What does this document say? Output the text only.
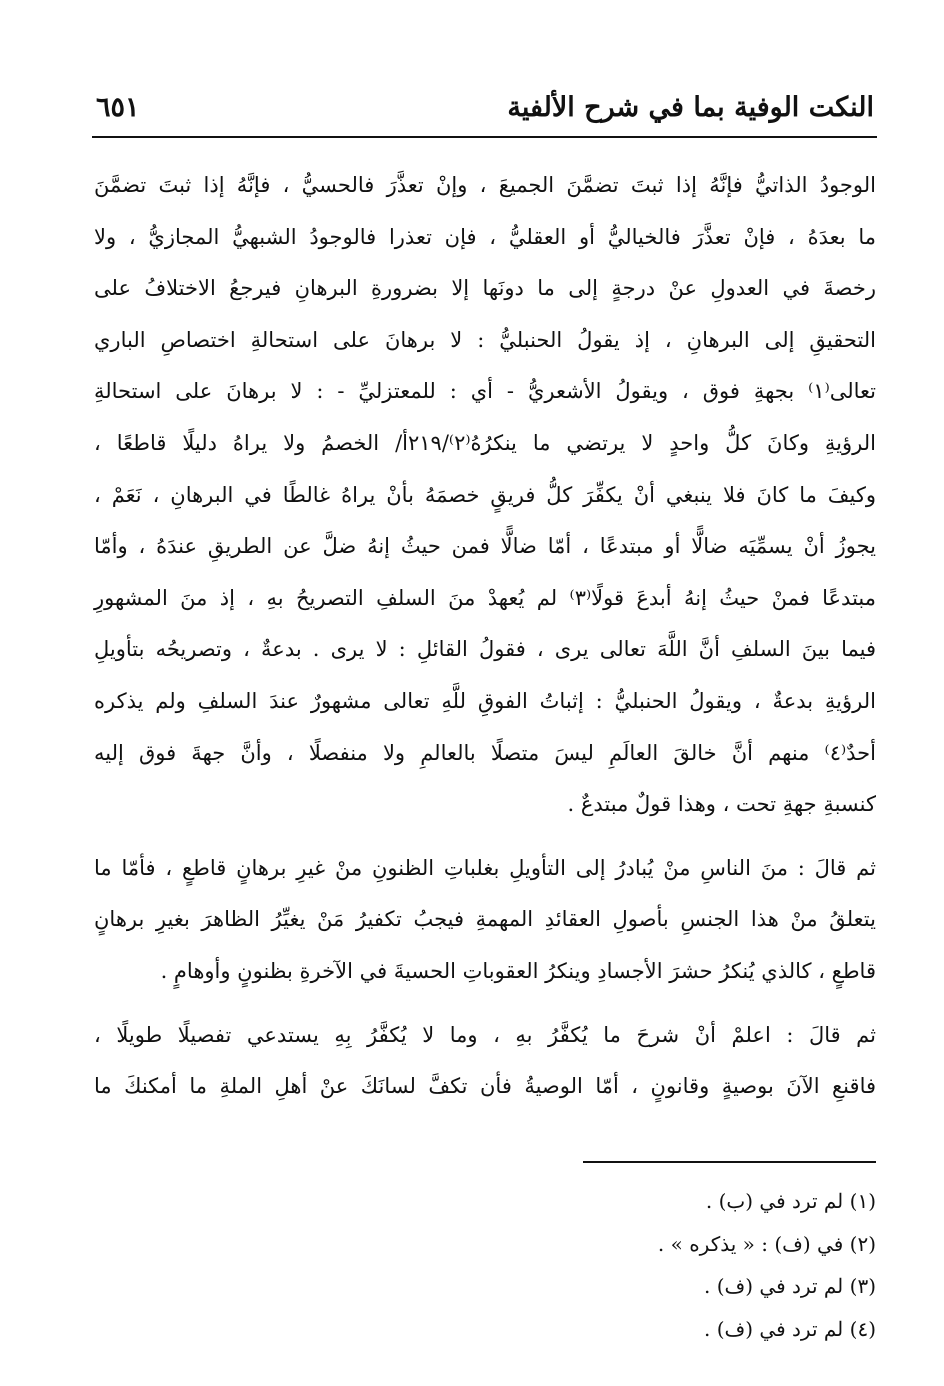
النكت الوفية بما في شرح الألفية
٦٥١
الوجودُ الذاتيُّ فإنَّهُ إذا ثبتَ تضمَّنَ الجميعَ ، وإنْ تعذَّرَ فالحسيُّ ، فإنَّهُ إذا ثبتَ تضمَّنَ
ما بعدَهُ ، فإنْ تعذَّرَ فالخياليُّ أو العقليُّ ، فإن تعذرا فالوجودُ الشبهيُّ المجازيُّ ، ولا
رخصةَ في العدولِ عنْ درجةٍ إلى ما دونَها إلا بضرورةِ البرهانِ فيرجعُ الاختلافُ على
التحقيقِ إلى البرهانِ ، إذ يقولُ الحنبليُّ : لا برهانَ على استحالةِ اختصاصِ الباري
تعالى⁽١⁾ بجهةِ فوق ، ويقولُ الأشعريُّ - أي : للمعتزليِّ - : لا برهانَ على استحالةِ
الرؤيةِ وكانَ كلُّ واحدٍ لا يرتضي ما ينكرُهُ⁽٢⁾/٢١٩أ/ الخصمُ ولا يراهُ دليلًا قاطعًا ،
وكيفَ ما كانَ فلا ينبغي أنْ يكفِّرَ كلُّ فريقٍ خصمَهُ بأنْ يراهُ غالطًا في البرهانِ ، نَعَمْ ،
يجوزُ أنْ يسمِّيَه ضالًّا أو مبتدعًا ، أمّا ضالًّا فمن حيثُ إنهُ ضلَّ عن الطريقِ عندَهُ ، وأمّا
مبتدعًا فمنْ حيثُ إنهُ أبدعَ قولًا⁽٣⁾ لم يُعهدْ منَ السلفِ التصريحُ بهِ ، إذ منَ المشهورِ
فيما بينَ السلفِ أنَّ اللَّهَ تعالى يرى ، فقولُ القائلِ : لا يرى . بدعةٌ ، وتصريحُه بتأويلِ
الرؤيةِ بدعةٌ ، ويقولُ الحنبليُّ : إثباتُ الفوقِ للَّهِ تعالى مشهورٌ عندَ السلفِ ولم يذكره
أحدٌ⁽٤⁾ منهم أنَّ خالقَ العالَمِ ليسَ متصلًا بالعالمِ ولا منفصلًا ، وأنَّ جهةَ فوق إليه
كنسبةِ جهةِ تحت ، وهذا قولٌ مبتدعٌ .
ثم قالَ : منَ الناسِ منْ يُبادرُ إلى التأويلِ بغلباتِ الظنونِ منْ غيرِ برهانٍ قاطعٍ ، فأمّا ما
يتعلقُ منْ هذا الجنسِ بأصولِ العقائدِ المهمةِ فيجبُ تكفيرُ مَنْ يغيِّرُ الظاهرَ بغيرِ برهانٍ
قاطعٍ ، كالذي يُنكرُ حشرَ الأجسادِ وينكرُ العقوباتِ الحسيةَ في الآخرةِ بظنونٍ وأوهامٍ .
ثم قالَ : اعلمْ أنْ شرحَ ما يُكفَّرُ بهِ ، وما لا يُكفَّرُ بِهِ يستدعي تفصيلًا طويلًا ،
فاقنعِ الآنَ بوصيةٍ وقانونٍ ، أمّا الوصيةُ فأن تكفَّ لسانَكَ عنْ أهلِ الملةِ ما أمكنكَ ما
(١) لم ترد في (ب) .
(٢) في (ف) : « يذكره » .
(٣) لم ترد في (ف) .
(٤) لم ترد في (ف) .
